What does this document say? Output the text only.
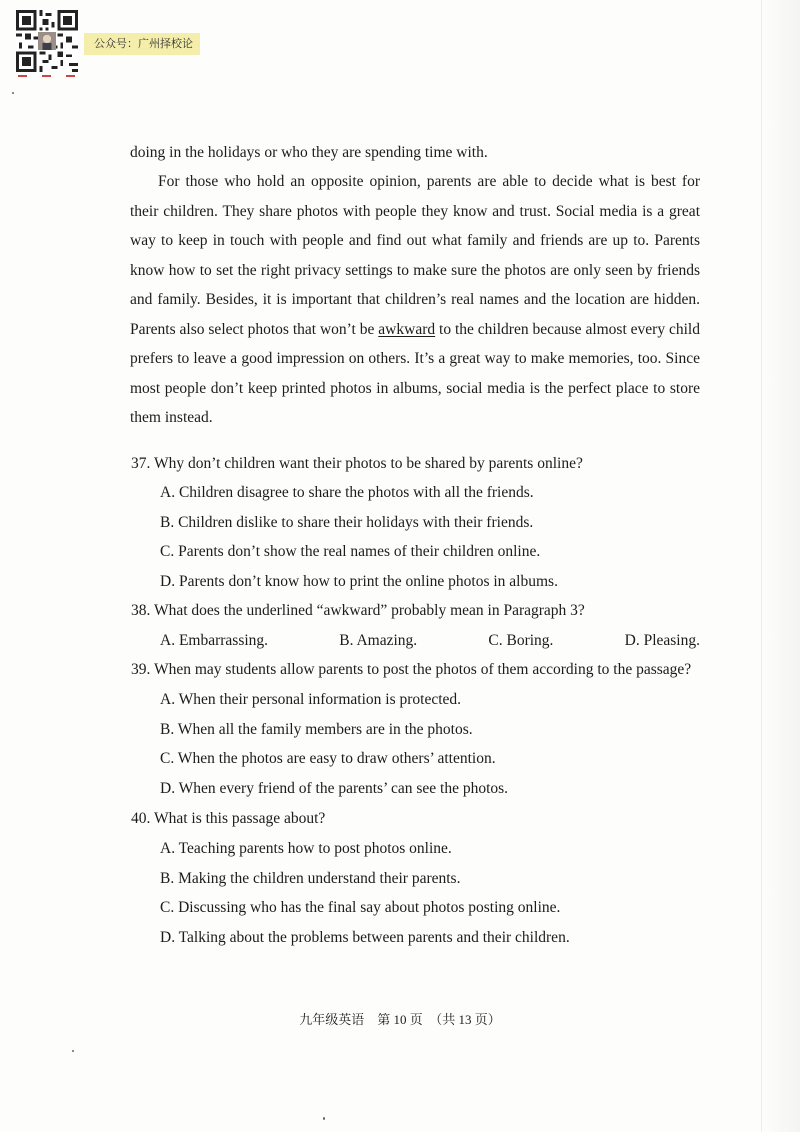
公众号：广州择校论

doing in the holidays or who they are spending time with.

For those who hold an opposite opinion, parents are able to decide what is best for their children. They share photos with people they know and trust. Social media is a great way to keep in touch with people and find out what family and friends are up to. Parents know how to set the right privacy settings to make sure the photos are only seen by friends and family. Besides, it is important that children’s real names and the location are hidden. Parents also select photos that won’t be awkward to the children because almost every child prefers to leave a good impression on others. It’s a great way to make memories, too. Since most people don’t keep printed photos in albums, social media is the perfect place to store them instead.

37. Why don’t children want their photos to be shared by parents online?

A. Children disagree to share the photos with all the friends.

B. Children dislike to share their holidays with their friends.

C. Parents don’t show the real names of their children online.

D. Parents don’t know how to print the online photos in albums.

38. What does the underlined “awkward” probably mean in Paragraph 3?

A. Embarrassing.	B. Amazing.	C. Boring.	D. Pleasing.

39. When may students allow parents to post the photos of them according to the passage?

A. When their personal information is protected.

B. When all the family members are in the photos.

C. When the photos are easy to draw others’ attention.

D. When every friend of the parents’ can see the photos.

40. What is this passage about?

A. Teaching parents how to post photos online.

B. Making the children understand their parents.

C. Discussing who has the final say about photos posting online.

D. Talking about the problems between parents and their children.

九年级英语　第 10 页　（共 13 页）
